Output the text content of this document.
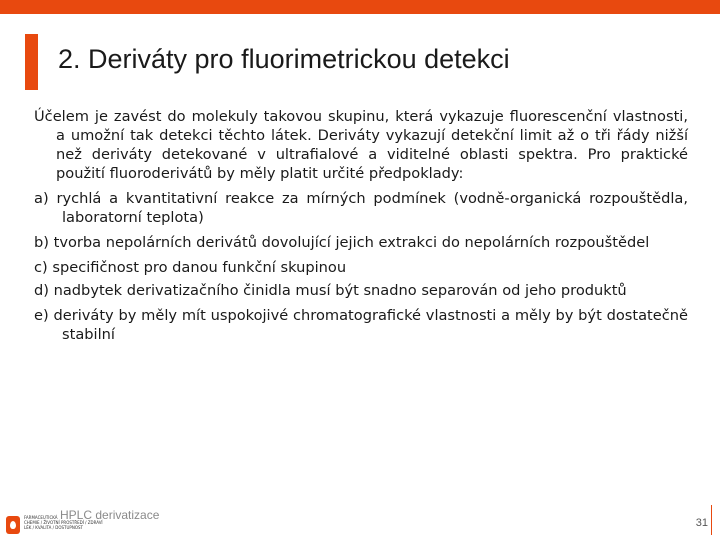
2. Deriváty pro fluorimetrickou detekci

Účelem je zavést do molekuly takovou skupinu, která vykazuje fluorescenční vlastnosti, a umožní tak detekci těchto látek. Deriváty vykazují detekční limit až o tři řády nižší než deriváty detekované v ultrafialové a viditelné oblasti spektra. Pro praktické použití fluoroderivátů by měly platit určité předpoklady:

a) rychlá a kvantitativní reakce za mírných podmínek (vodně-organická rozpouštědla, laboratorní teplota)

b) tvorba nepolárních derivátů dovolující jejich extrakci do nepolárních rozpouštědel

c) specifičnost pro danou funkční skupinou

d) nadbytek derivatizačního činidla musí být snadno separován od jeho produktů

e) deriváty by měly mít uspokojivé chromatografické vlastnosti a měly by být dostatečně stabilní

FARMACEUTICKÁ
CHEMIE / ŽIVOTNÍ PROSTŘEDÍ / ZDRAVÍ
LÉK / KVALITA / DOSTUPNOST
HPLC derivatizace
31
